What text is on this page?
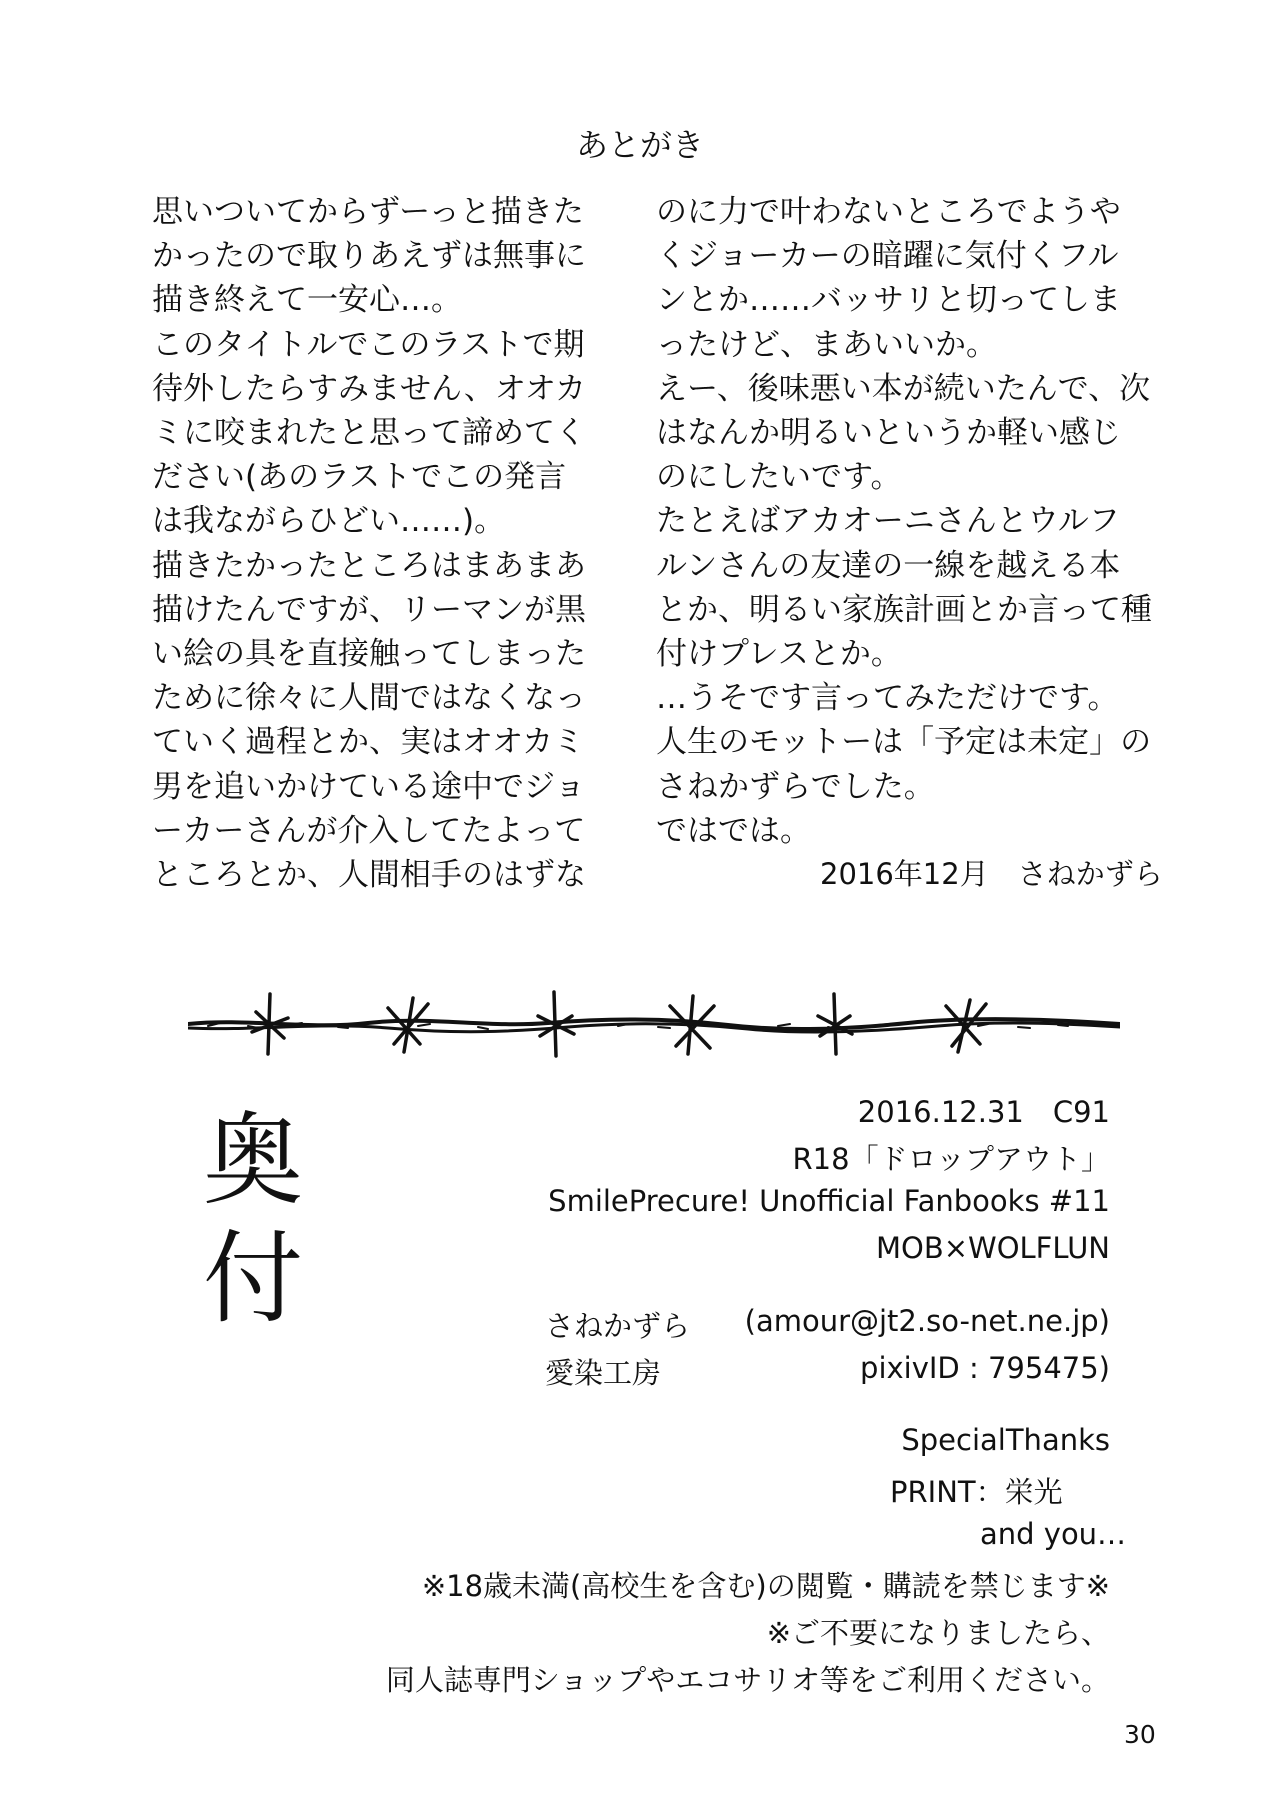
あとがき
思いついてからずーっと描きた
かったので取りあえずは無事に
描き終えて一安心…。
このタイトルでこのラストで期
待外したらすみません、オオカ
ミに咬まれたと思って諦めてく
ださい(あのラストでこの発言
は我ながらひどい……)。
描きたかったところはまあまあ
描けたんですが、リーマンが黒
い絵の具を直接触ってしまった
ために徐々に人間ではなくなっ
ていく過程とか、実はオオカミ
男を追いかけている途中でジョ
ーカーさんが介入してたよって
ところとか、人間相手のはずな
のに力で叶わないところでようや
くジョーカーの暗躍に気付くフル
ンとか……バッサリと切ってしま
ったけど、まあいいか。
えー、後味悪い本が続いたんで、次
はなんか明るいというか軽い感じ
のにしたいです。
たとえばアカオーニさんとウルフ
ルンさんの友達の一線を越える本
とか、明るい家族計画とか言って種
付けプレスとか。
…うそです言ってみただけです。
人生のモットーは「予定は未定」の
さねかずらでした。
ではでは。
2016年12月　さねかずら
奥
付
2016.12.31　C91
R18「ドロップアウト」
SmilePrecure! Unofficial Fanbooks #11
MOB×WOLFLUN
さねかずら (amour@jt2.so-net.ne.jp)
愛染工房	pixivID : 795475)
SpecialThanks
PRINT：栄光
and you…
※18歳未満(高校生を含む)の閲覧・購読を禁じます※
※ご不要になりましたら、
同人誌専門ショップやエコサリオ等をご利用ください。
30
